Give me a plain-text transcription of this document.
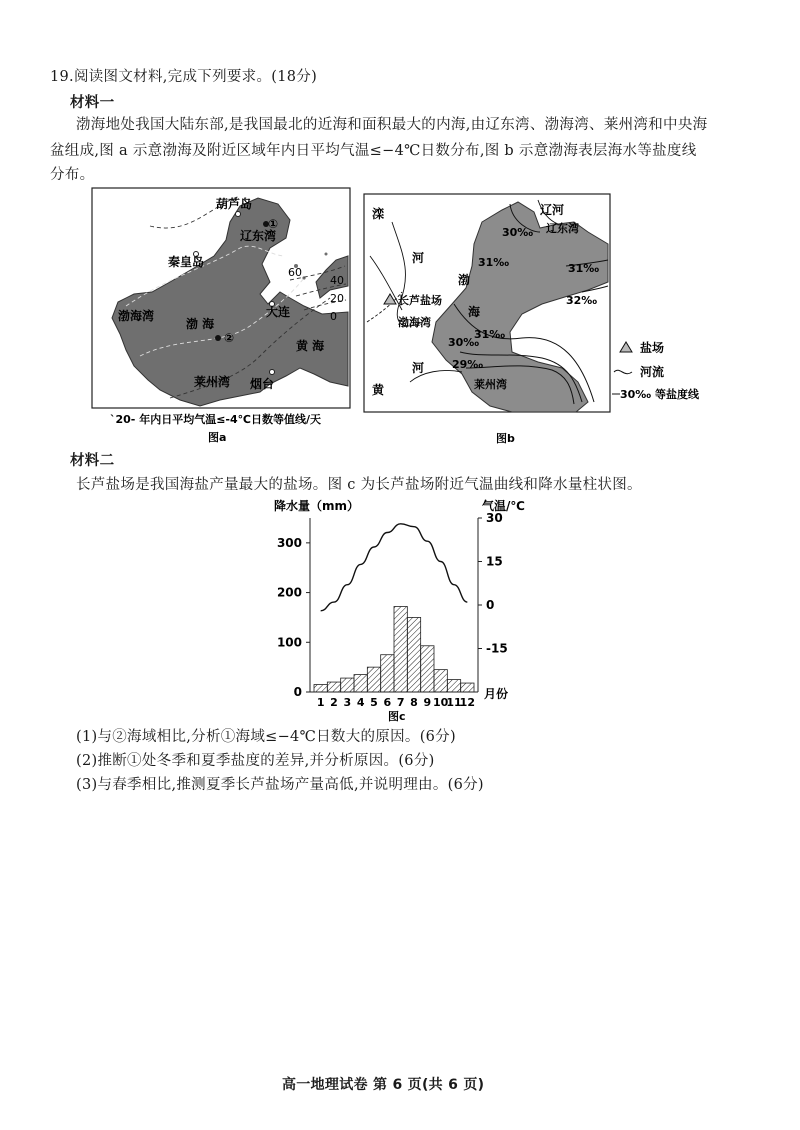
19.阅读图文材料,完成下列要求。(18分)
材料一
渤海地处我国大陆东部,是我国最北的近海和面积最大的内海,由辽东湾、渤海湾、莱州湾和中央海
盆组成,图 a 示意渤海及附近区域年内日平均气温≤−4℃日数分布,图 b 示意渤海表层海水等盐度线
分布。
葫芦岛
辽东湾
①
秦皇岛
60
40
20
0
渤海湾
渤 海
②
大连
黄 海
莱州湾 烟台
`20- 年内日平均气温≤-4℃日数等值线/天
图a
滦
河
辽河
辽东湾
30‰
31‰	31‰
32‰
渤
海
长芦盐场
渤海湾
31‰
30‰
29‰
黄
河
莱州湾
盐场
河流
30‰ 等盐度线
图b
材料二
长芦盐场是我国海盐产量最大的盐场。图 c 为长芦盐场附近气温曲线和降水量柱状图。
降水量（mm）	气温/℃
月份
图c
0
100
200
300
30
15
0
-15
1 2 3 4 5 6 7 8 9 10
11
12
(1)与②海域相比,分析①海域≤−4℃日数大的原因。(6分)
(2)推断①处冬季和夏季盐度的差异,并分析原因。(6分)
(3)与春季相比,推测夏季长芦盐场产量高低,并说明理由。(6分)
高一地理试卷 第 6 页(共 6 页)
